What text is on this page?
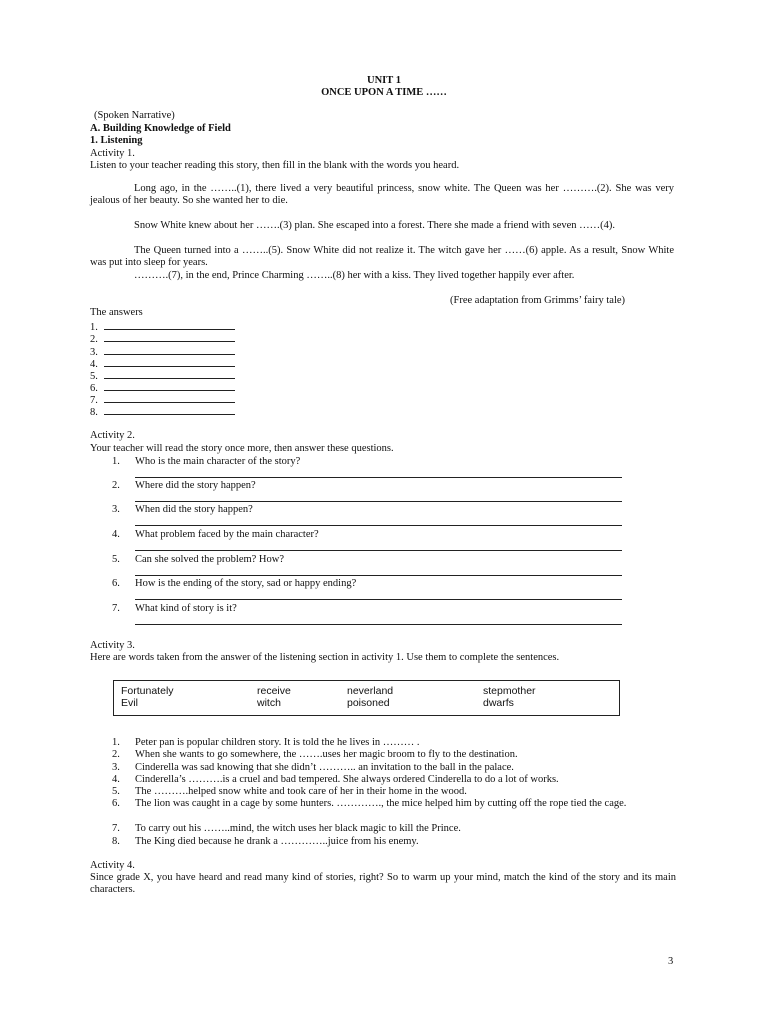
UNIT 1
ONCE UPON A TIME ……
(Spoken Narrative)
A. Building Knowledge of Field
1. Listening
Activity 1.
Listen to your teacher reading this story, then fill in the blank with the words you heard.
Long ago, in the ……..(1), there lived a very beautiful princess, snow white. The Queen was her ……….(2). She was very jealous of her beauty. So she wanted her to die.
Snow White knew about her …….(3) plan. She escaped into a forest. There she made a friend with seven ……(4).
The Queen turned into a ……..(5). Snow White did not realize it. The witch gave her ……(6) apple. As a result, Snow White was put into sleep for years.
……….(7), in the end, Prince Charming ……..(8) her with a kiss. They lived together happily ever after.
(Free adaptation from Grimms’ fairy tale)
The answers
1.
2.
3.
4.
5.
6.
7.
8.
Activity 2.
Your teacher will read the story once more, then answer these questions.
1.	Who is the main character of the story?
2.	Where did the story happen?
3.	When did the story happen?
4.	What problem faced by the main character?
5.	Can she solved the problem? How?
6.	How is the ending of the story, sad or happy ending?
7.	What kind of story is it?
Activity 3.
Here are words taken from the answer of the listening section in activity 1. Use them to complete the sentences.
Fortunately	receive	neverland	stepmother
Evil	witch	poisoned	dwarfs
1. Peter pan is popular children story. It is told the he lives in ……… .
2. When she wants to go somewhere, the …….uses her magic broom to fly to the destination.
3. Cinderella was sad knowing that she didn’t ……….. an invitation to the ball in the palace.
4. Cinderella’s ……….is a cruel and bad tempered. She always ordered Cinderella to do a lot of works.
5. The ……….helped snow white and took care of her in their home in the wood.
6. The lion was caught in a cage by some hunters. …………., the mice helped him by cutting off the rope tied the cage.
7. To carry out his ……..mind, the witch uses her black magic to kill the Prince.
8. The King died because he drank a …………..juice from his enemy.
Activity 4.
Since grade X, you have heard and read many kind of stories, right? So to warm up your mind, match the kind of the story and its main characters.
3
